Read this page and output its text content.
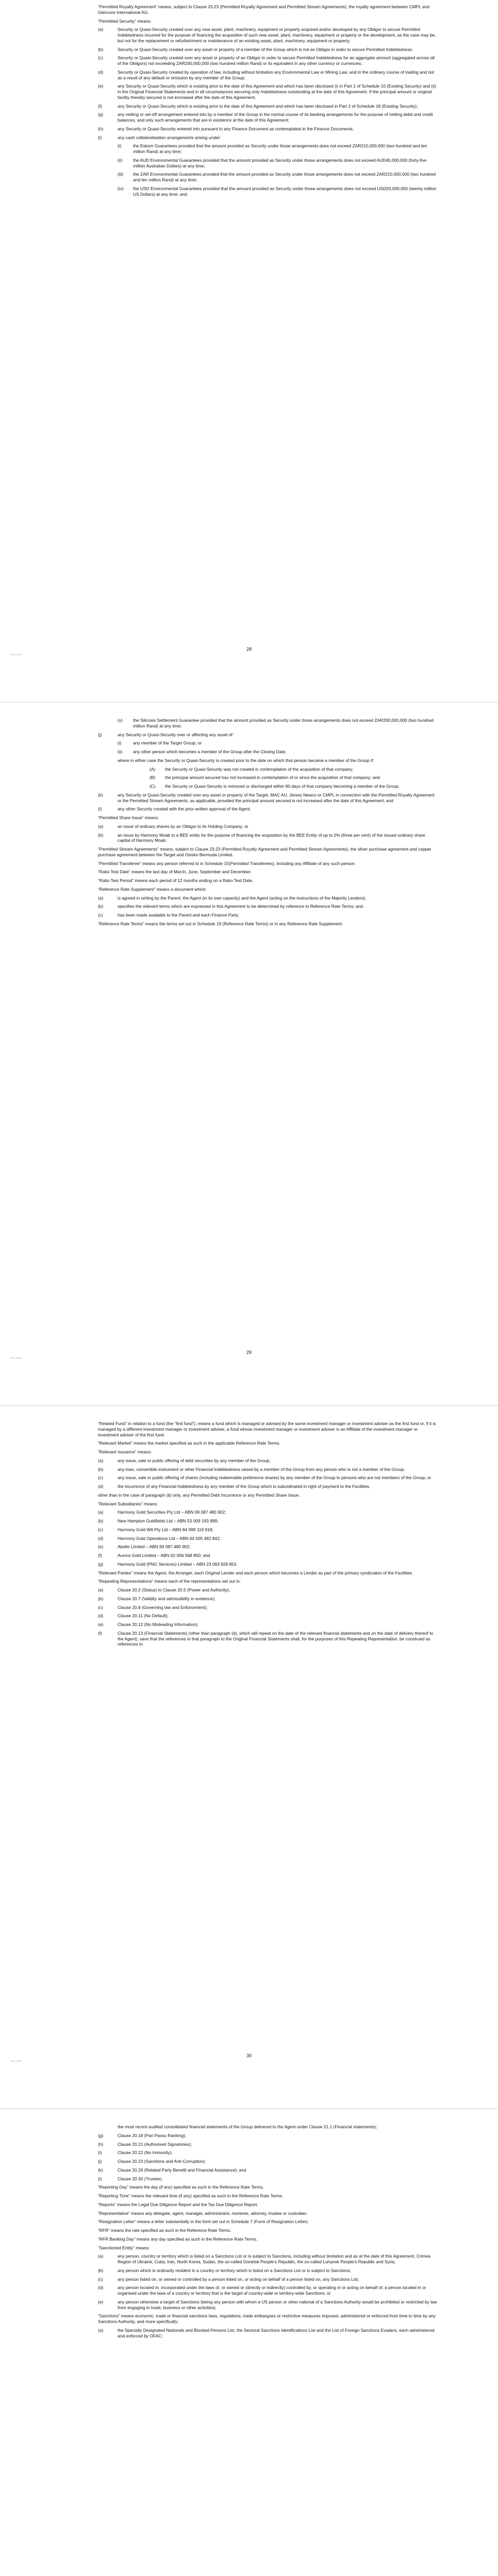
“Permitted Royalty Agreement” means, subject to Clause 23.23 (Permitted Royalty Agreement and Permitted Stream Agreements), the royalty agreement between CMPL and Glencore International AG.

“Permitted Security” means:

(a)	Security or Quasi-Security created over any new asset, plant, machinery, equipment or property acquired and/or developed by any Obligor to secure Permitted Indebtedness incurred for the purpose of financing the acquisition of such new asset, plant, machinery, equipment or property or the development, as the case may be, but not for the replacement or refurbishment or maintenance of an existing asset, plant, machinery, equipment or property;
(b)	Security or Quasi-Security created over any asset or property of a member of the Group which is not an Obligor in order to secure Permitted Indebtedness;
(c)	Security or Quasi-Security created over any asset or property of an Obligor in order to secure Permitted Indebtedness for an aggregate amount (aggregated across all of the Obligors) not exceeding ZAR200,000,000 (two hundred million Rand) or its equivalent in any other currency or currencies;
(d)	Security or Quasi-Security created by operation of law, including without limitation any Environmental Law or Mining Law, and in the ordinary course of trading and not as a result of any default or omission by any member of the Group;
(e)	any Security or Quasi-Security which is existing prior to the date of this Agreement and which has been disclosed (i) in Part 1 of Schedule 10 (Existing Security) and (ii) in the Original Financial Statements and in all circumstances securing only Indebtedness outstanding at the date of this Agreement. If the principal amount or original facility thereby secured is not increased after the date of this Agreement;
(f)	any Security or Quasi-Security which is existing prior to the date of this Agreement and which has been disclosed in Part 2 of Schedule 18 (Existing Security);
(g)	any netting or set-off arrangement entered into by a member of the Group in the normal course of its banking arrangements for the purpose of netting debit and credit balances, and only such arrangements that are in existence at the date of this Agreement;
(h)	any Security or Quasi-Security entered into pursuant to any Finance Document as contemplated in the Finance Documents;
(i)	any cash collateralisation arrangements arising under:
(i)	the Eskom Guarantees provided that the amount provided as Security under those arrangements does not exceed ZAR210,000,000 (two hundred and ten million Rand) at any time;
(ii)	the AUD Environmental Guarantees provided that the amount provided as Security under those arrangements does not exceed AUD45,000,000 (forty-five million Australian Dollars) at any time;
(iii)	the ZAR Environmental Guarantees provided that the amount provided as Security under those arrangements does not exceed ZAR210,000,000 (two hundred and ten million Rand) at any time;
(iv)	the USD Environmental Guarantees provided that the amount provided as Security under those arrangements does not exceed USD20,000,000 (twenty million US Dollars) at any time; and
28
0000_00000
(v)	the Silicosis Settlement Guarantee provided that the amount provided as Security under those arrangements does not exceed ZAR200,000,000 (two hundred million Rand) at any time;
(j)	any Security or Quasi-Security over or affecting any asset of:
(i)	any member of the Target Group; or
(ii)	any other person which becomes a member of the Group after the Closing Date,

where in either case the Security or Quasi-Security is created prior to the date on which that person became a member of the Group if:

(A)	the Security or Quasi-Security was not created in contemplation of the acquisition of that company;
(B)	the principal amount secured has not increased in contemplation of or since the acquisition of that company; and
(C)	the Security or Quasi-Security is removed or discharged within 90 days of that company becoming a member of the Group;
(k)	any Security or Quasi-Security created over any asset or property of the Target, MAC AU, Jersey Newco or CMPL in connection with the Permitted Royalty Agreement or the Permitted Stream Agreements, as applicable, provided the principal amount secured is not increased after the date of this Agreement; and
(l)	any other Security created with the prior written approval of the Agent.

“Permitted Share Issue” means:

(a)	an issue of ordinary shares by an Obligor to its Holding Company; or
(b)	an issue by Harmony Moab to a BEE entity for the purpose of financing the acquisition by the BEE Entity of up to 2% (three per cent) of the issued ordinary share capital of Harmony Moab.

“Permitted Stream Agreements” means, subject to Clause 23.23 (Permitted Royalty Agreement and Permitted Stream Agreements), the silver purchase agreement and copper purchase agreement between the Target and Osisko Bermuda Limited.

“Permitted Transferee” means any person referred to in Schedule 15(Permitted Transferees), including any Affiliate of any such person.

“Ratio Test Date” means the last day of March, June, September and December.

“Ratio Test Period” means each period of 12 months ending on a Ratio Test Date.

“Reference Rate Supplement” means a document which:

(a)	is agreed in writing by the Parent, the Agent (in its own capacity) and the Agent (acting on the instructions of the Majority Lenders);
(b)	specifies the relevant terms which are expressed in this Agreement to be determined by reference to Reference Rate Terms; and
(c)	has been made available to the Parent and each Finance Party.

“Reference Rate Terms” means the terms set out in Schedule 19 (Reference Rate Terms) or in any Reference Rate Supplement.

29
0000_00000

“Related Fund” in relation to a fund (the “first fund”), means a fund which is managed or advised by the same investment manager or investment adviser as the first fund or, if it is managed by a different investment manager or investment adviser, a fund whose investment manager or investment adviser is an Affiliate of the investment manager or investment adviser of the first fund.

“Relevant Market” means the market specified as such in the applicable Reference Rate Terms.

“Relevant Issuance” means:

(a)	any issue, sale or public offering of debt securities by any member of the Group;
(b)	any loan, convertible instrument or other Financial Indebtedness raised by a member of the Group from any person who is not a member of the Group;
(c)	any issue, sale or public offering of shares (including redeemable preference shares) by any member of the Group to persons who are not members of the Group; or
(d)	the incurrence of any Financial Indebtedness by any member of the Group which is subordinated in right of payment to the Facilities,

other than in the case of paragraph (b) only, any Permitted Debt Incurrence or any Permitted Share Issue.

“Relevant Subsidiaries” means:

(a)	Harmony Gold Securities Pty Ltd – ABN 69 087 480 902;
(b)	New Hampton Goldfields Ltd – ABN 53 009 193 999;
(c)	Harmony Gold WA Pty Ltd – ABN 84 099 119 918;
(d)	Harmony Gold Operations Ltd – ABN 44 005 482 842;
(e)	Abelle Limited – ABN 69 087 480 902;
(f)	Aurora Gold Limited – ABN 62 006 568 850; and
(g)	Harmony Gold (PNG Services) Limited – ABN 23 063 828 853.

“Relevant Parties” means the Agent, the Arranger, each Original Lender and each person which becomes a Lender as part of the primary syndication of the Facilities.

“Repeating Representations” means each of the representations set out in:

(a)	Clause 20.2 (Status) to Clause 20.5 (Power and Authority);
(b)	Clause 20.7 (Validity and admissibility in evidence);
(c)	Clause 20.8 (Governing law and Enforcement);
(d)	Clause 20.11 (No Default);
(e)	Clause 20.12 (No Misleading Information);
(f)	Clause 20.13 (Financial Statements) (other than paragraph (d), which will repeat on the date of the relevant financial statements and on the date of delivery thereof to the Agent), save that the references in that paragraph to the Original Financial Statements shall, for the purposes of this Repeating Representation, be construed as references to
30
0000_00000

the most recent audited consolidated financial statements of the Group delivered to the Agent under Clause 21.1 (Financial statements);

(g)	Clause 20.18 (Pari Passu Ranking);
(h)	Clause 20.21 (Authorised Signatories);
(i)	Clause 20.22 (No Immunity);
(j)	Clause 20.23 (Sanctions and Anti-Corruption);
(k)	Clause 20.29 (Related Party Benefit and Financial Assistance); and
(l)	Clause 20.30 (Trustee).

“Reporting Day” means the day (if any) specified as such in the Reference Rate Terms.

“Reporting Time” means the relevant time (if any) specified as such in the Reference Rate Terms.

“Reports” means the Legal Due Diligence Report and the Tax Due Diligence Report.

“Representative” means any delegate, agent, manager, administrator, nominee, attorney, trustee or custodian.

“Resignation Letter” means a letter substantially in the form set out in Schedule 7 (Form of Resignation Letter).

“RFR” means the rate specified as such in the Reference Rate Terms.

“RFR Banking Day” means any day specified as such in the Reference Rate Terms.

“Sanctioned Entity” means:

(a)	any person, country or territory which is listed on a Sanctions List or is subject to Sanctions, including without limitation and as at the date of this Agreement, Crimea Region of Ukraine, Cuba, Iran, North Korea, Sudan, the so-called Donetsk People’s Republic, the so-called Luhansk People’s Republic and Syria;
(b)	any person which is ordinarily resident in a country or territory which is listed on a Sanctions List or is subject to Sanctions;
(c)	any person listed on, or owned or controlled by a person listed on, or acting on behalf of a person listed on, any Sanctions List;
(d)	any person located in, incorporated under the laws of, or owned or (directly or indirectly) controlled by, or operating in or acting on behalf of, a person located in or organised under the laws of a country or territory that is the target of country-wide or territory-wide Sanctions; or
(e)	any person otherwise a target of Sanctions (being any person with whom a US person or other national of a Sanctions Authority would be prohibited or restricted by law from engaging in trade, business or other activities).

“Sanctions” means economic, trade or financial sanctions laws, regulations, trade embargoes or restrictive measures imposed, administered or enforced from time to time by any Sanctions Authority, and more specifically:

(a)	the Specially Designated Nationals and Blocked Persons List, the Sectoral Sanctions Identifications List and the List of Foreign Sanctions Evaders, each administered and enforced by OFAC;
